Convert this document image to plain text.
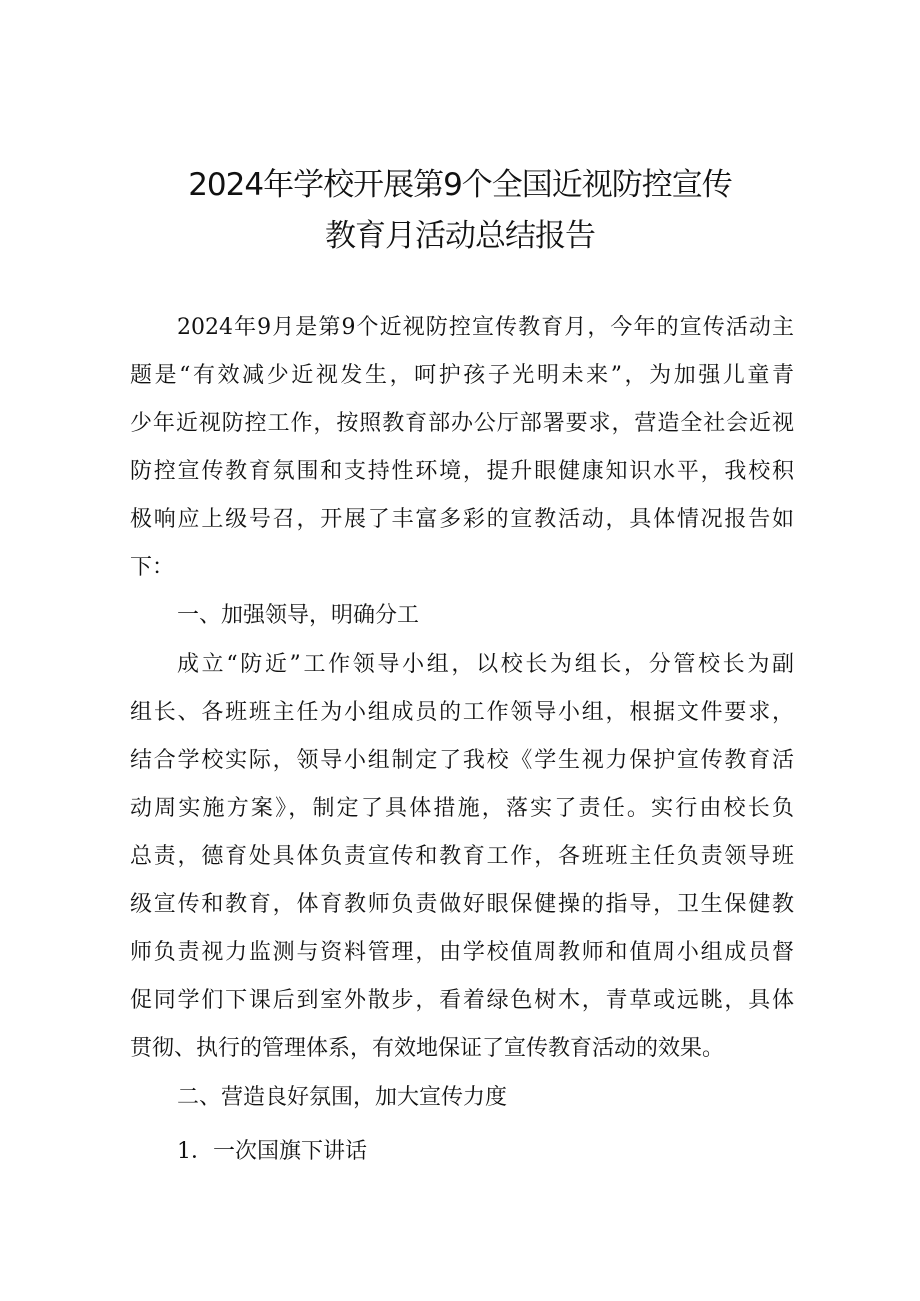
2024年学校开展第9个全国近视防控宣传
教育月活动总结报告
2024年9月是第9个近视防控宣传教育月，今年的宣传活动主
题是“有效减少近视发生，呵护孩子光明未来”，为加强儿童青
少年近视防控工作，按照教育部办公厅部署要求，营造全社会近视
防控宣传教育氛围和支持性环境，提升眼健康知识水平，我校积
极响应上级号召，开展了丰富多彩的宣教活动，具体情况报告如
下：
一、加强领导，明确分工
成立“防近”工作领导小组，以校长为组长，分管校长为副
组长、各班班主任为小组成员的工作领导小组，根据文件要求，
结合学校实际，领导小组制定了我校《学生视力保护宣传教育活
动周实施方案》，制定了具体措施，落实了责任。实行由校长负
总责，德育处具体负责宣传和教育工作，各班班主任负责领导班
级宣传和教育，体育教师负责做好眼保健操的指导，卫生保健教
师负责视力监测与资料管理，由学校值周教师和值周小组成员督
促同学们下课后到室外散步，看着绿色树木，青草或远眺，具体
贯彻、执行的管理体系，有效地保证了宣传教育活动的效果。
二、营造良好氛围，加大宣传力度
1．一次国旗下讲话
